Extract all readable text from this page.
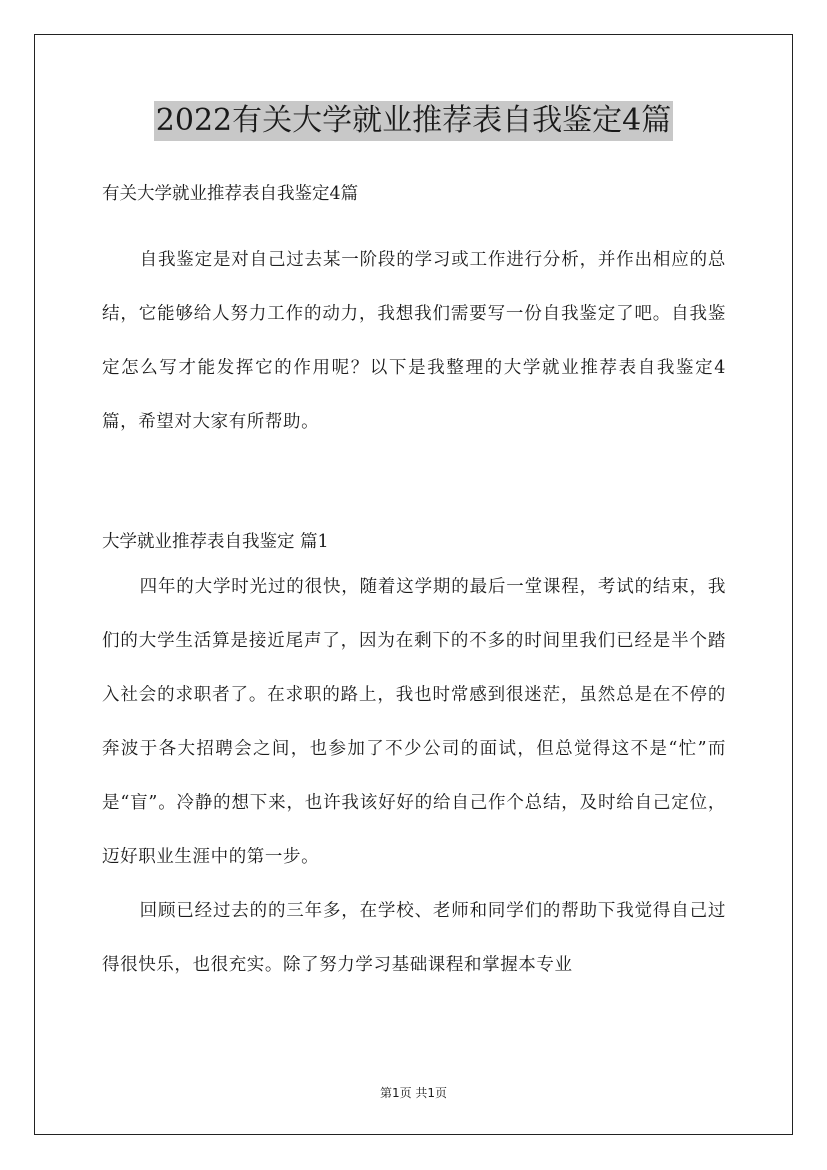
2022有关大学就业推荐表自我鉴定4篇

有关大学就业推荐表自我鉴定4篇

自我鉴定是对自己过去某一阶段的学习或工作进行分析，并作出相应的总结，它能够给人努力工作的动力，我想我们需要写一份自我鉴定了吧。自我鉴定怎么写才能发挥它的作用呢？以下是我整理的大学就业推荐表自我鉴定4篇，希望对大家有所帮助。

大学就业推荐表自我鉴定 篇1

四年的大学时光过的很快，随着这学期的最后一堂课程，考试的结束，我们的大学生活算是接近尾声了，因为在剩下的不多的时间里我们已经是半个踏入社会的求职者了。在求职的路上，我也时常感到很迷茫，虽然总是在不停的奔波于各大招聘会之间，也参加了不少公司的面试，但总觉得这不是“忙”而是“盲”。冷静的想下来，也许我该好好的给自己作个总结，及时给自己定位，迈好职业生涯中的第一步。

回顾已经过去的的三年多，在学校、老师和同学们的帮助下我觉得自己过得很快乐，也很充实。除了努力学习基础课程和掌握本专业

第1页 共1页
